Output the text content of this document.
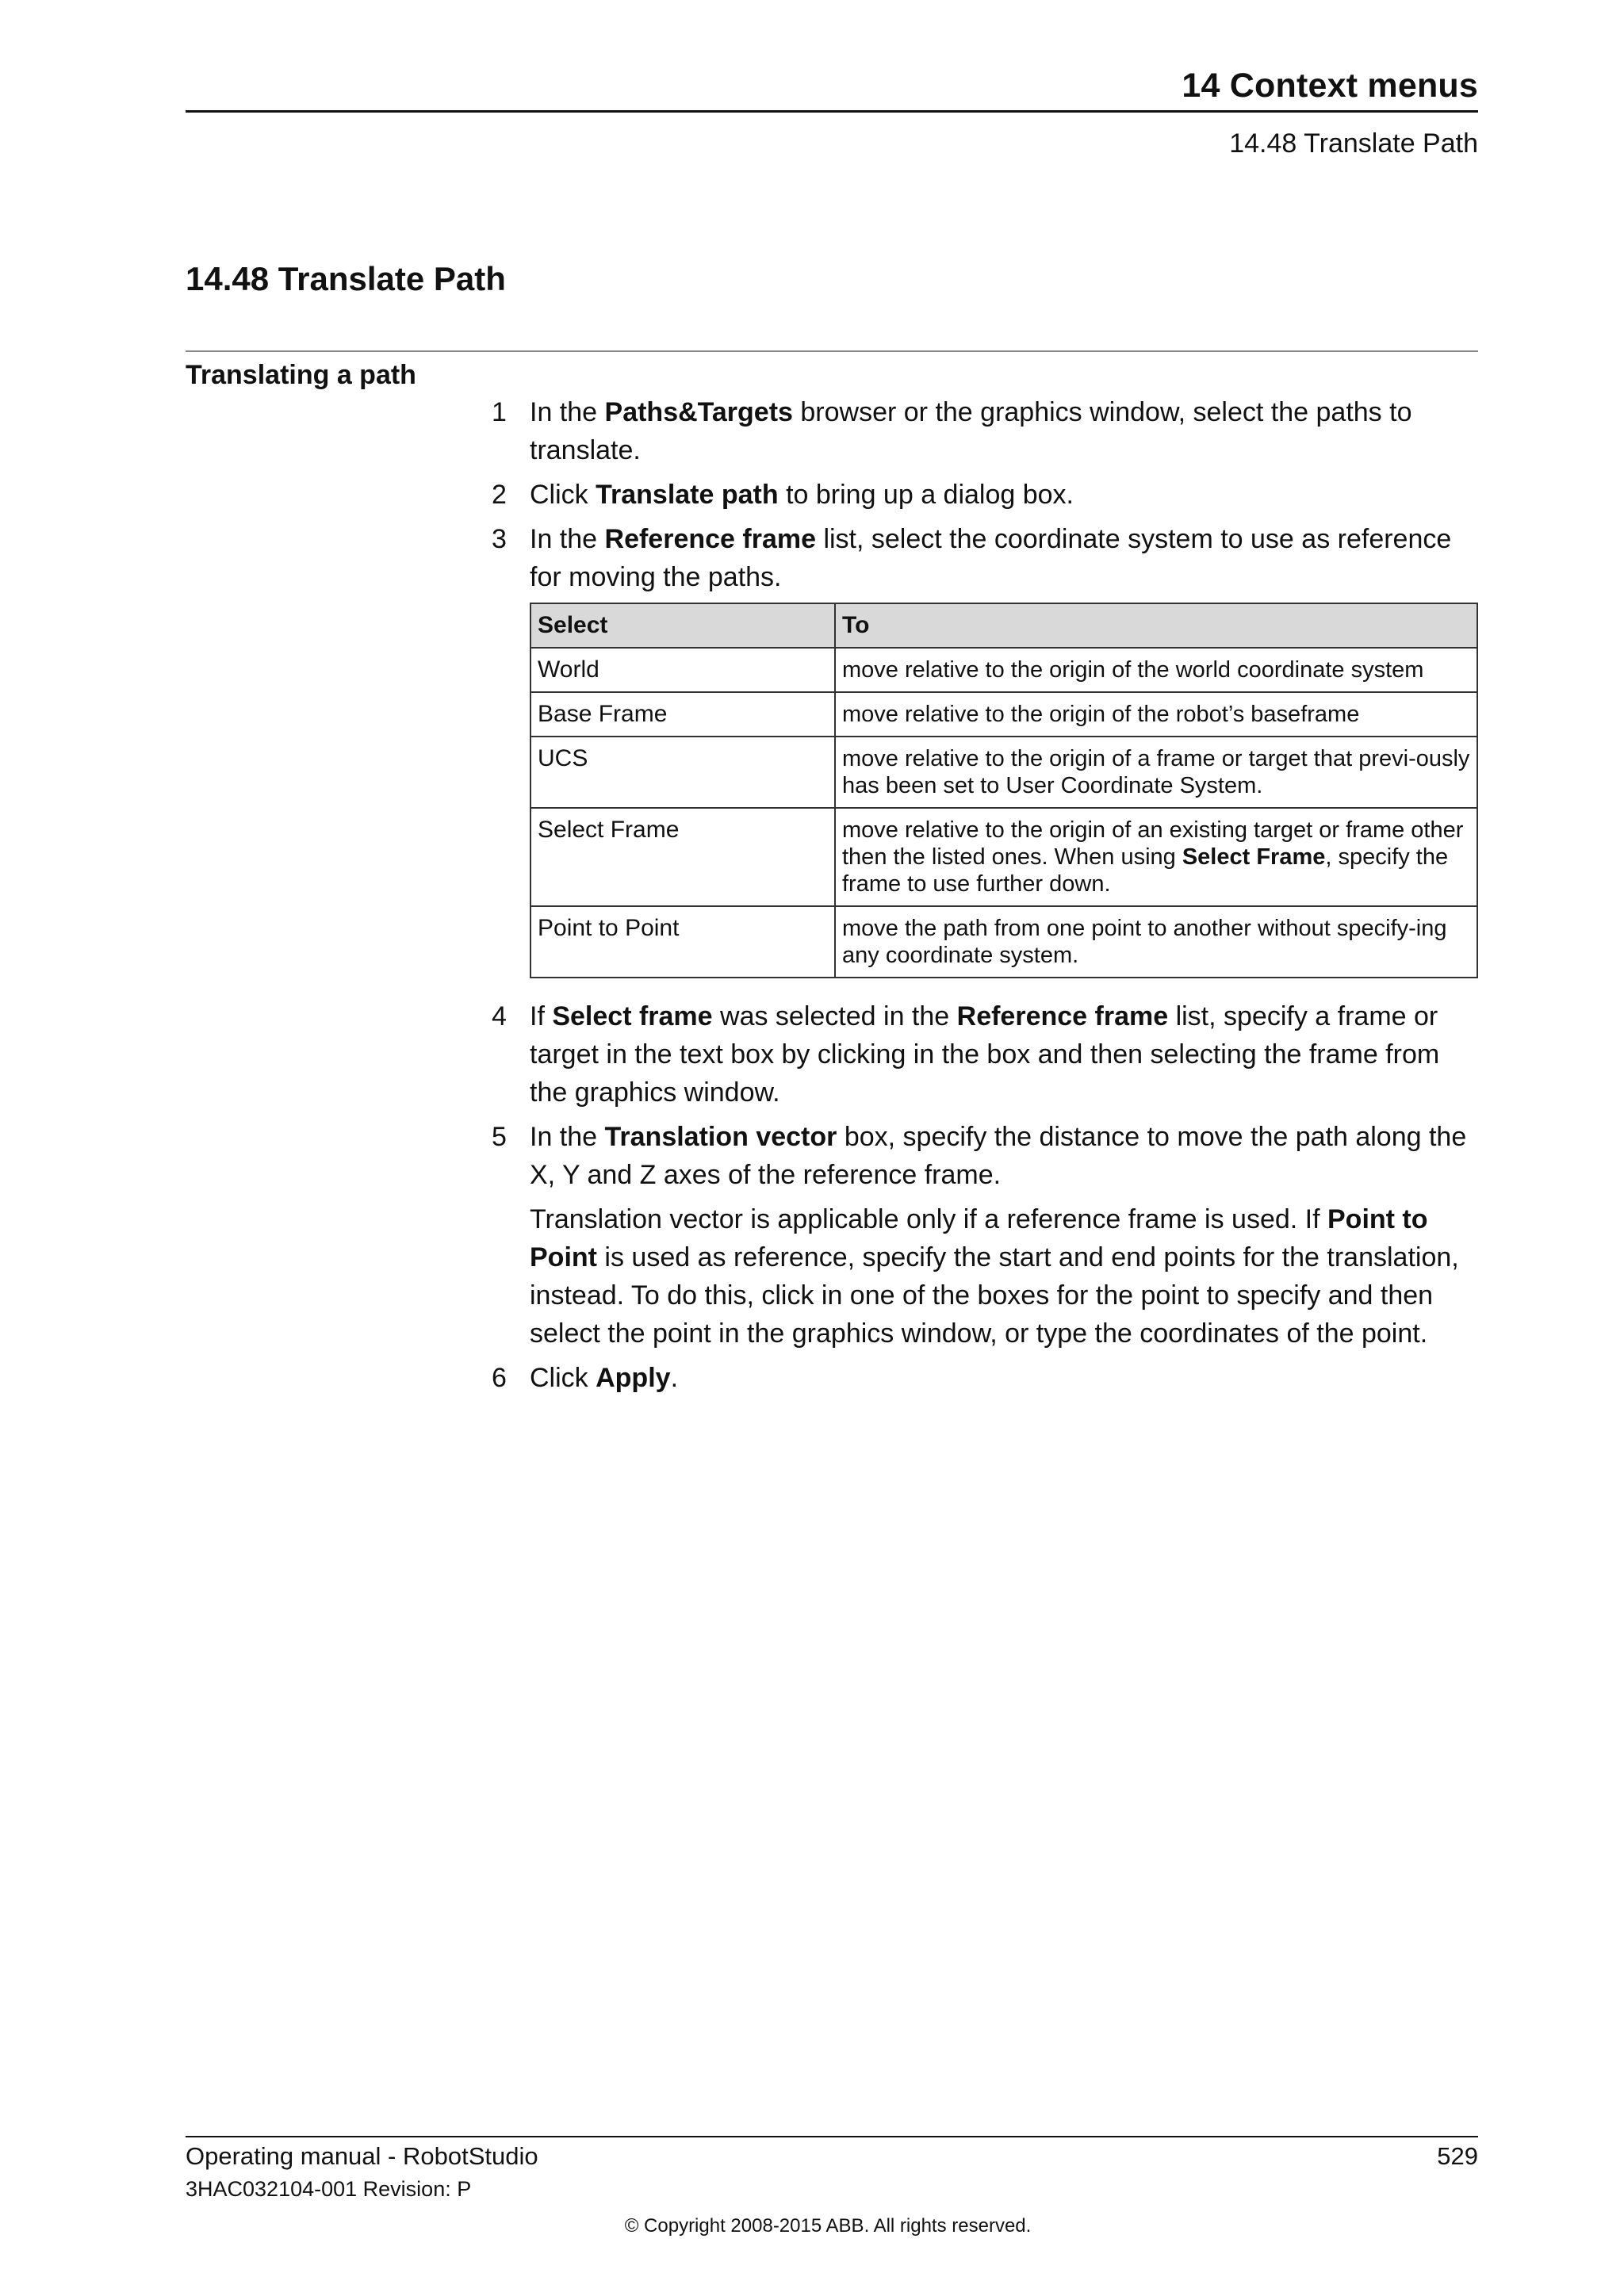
14 Context menus
14.48 Translate Path
14.48 Translate Path
Translating a path
1 In the Paths&Targets browser or the graphics window, select the paths to translate.
2 Click Translate path to bring up a dialog box.
3 In the Reference frame list, select the coordinate system to use as reference for moving the paths.
Select	To
World	move relative to the origin of the world coordinate system
Base Frame	move relative to the origin of the robot’s baseframe
UCS	move relative to the origin of a frame or target that previ-ously has been set to User Coordinate System.
Select Frame	move relative to the origin of an existing target or frame other then the listed ones. When using Select Frame, specify the frame to use further down.
Point to Point	move the path from one point to another without specify-ing any coordinate system.
4 If Select frame was selected in the Reference frame list, specify a frame or target in the text box by clicking in the box and then selecting the frame from the graphics window.
5 In the Translation vector box, specify the distance to move the path along the X, Y and Z axes of the reference frame.
Translation vector is applicable only if a reference frame is used. If Point to Point is used as reference, specify the start and end points for the translation, instead. To do this, click in one of the boxes for the point to specify and then select the point in the graphics window, or type the coordinates of the point.
6 Click Apply.
Operating manual - RobotStudio	529
3HAC032104-001 Revision: P
© Copyright 2008-2015 ABB. All rights reserved.
